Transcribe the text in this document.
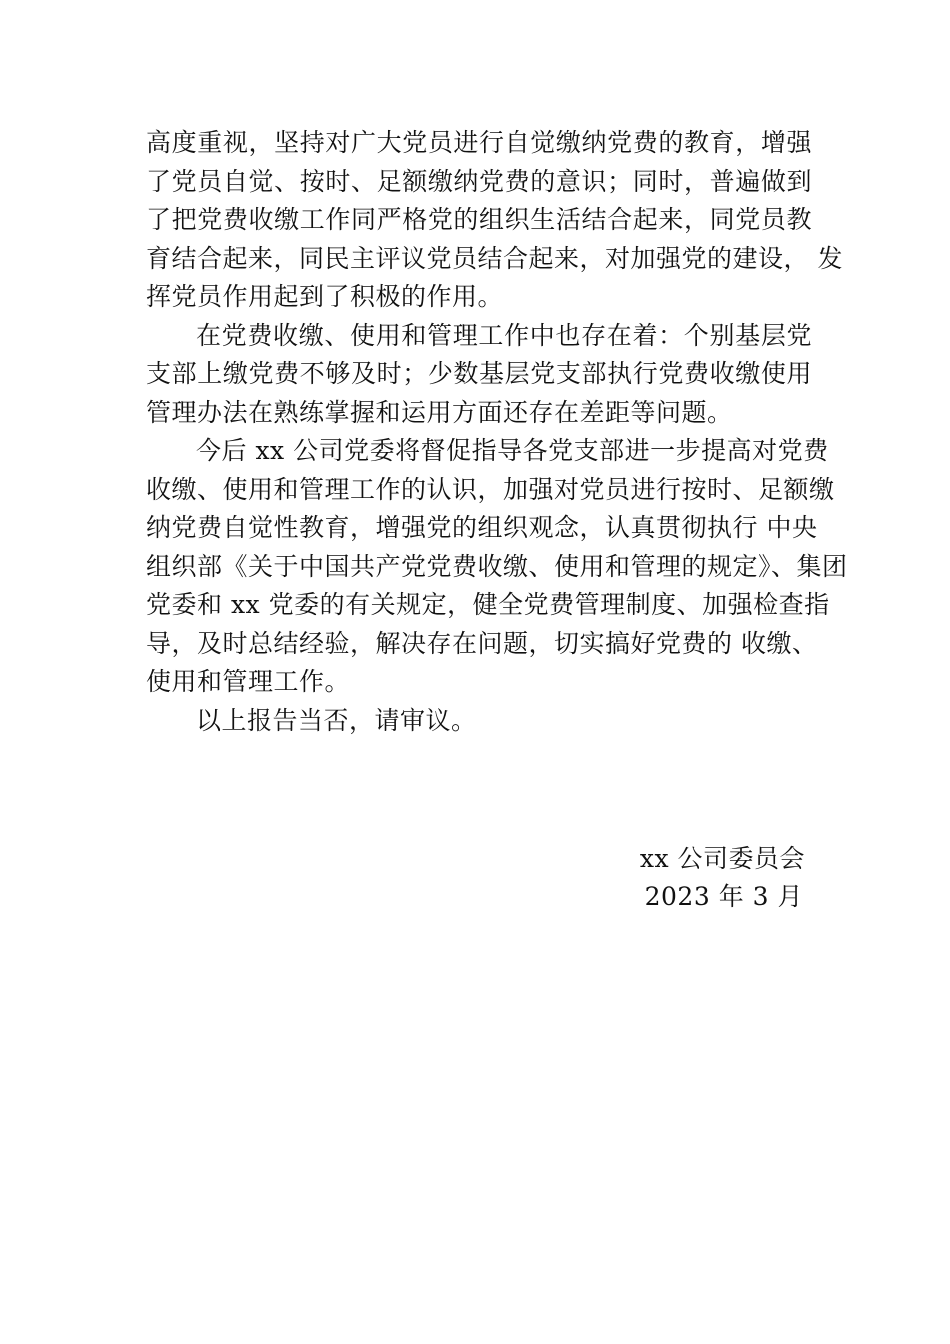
高度重视，坚持对广大党员进行自觉缴纳党费的教育，增强
了党员自觉、按时、足额缴纳党费的意识；同时，普遍做到
了把党费收缴工作同严格党的组织生活结合起来，同党员教
育结合起来，同民主评议党员结合起来，对加强党的建设， 发
挥党员作用起到了积极的作用。
在党费收缴、使用和管理工作中也存在着：个别基层党
支部上缴党费不够及时；少数基层党支部执行党费收缴使用
管理办法在熟练掌握和运用方面还存在差距等问题。
今后 xx 公司党委将督促指导各党支部进一步提高对党费
收缴、使用和管理工作的认识，加强对党员进行按时、足额缴
纳党费自觉性教育，增强党的组织观念，认真贯彻执行 中央
组织部《关于中国共产党党费收缴、使用和管理的规定》、集团
党委和 xx 党委的有关规定，健全党费管理制度、加强检查指
导，及时总结经验，解决存在问题，切实搞好党费的 收缴、
使用和管理工作。
以上报告当否，请审议。
xx 公司委员会
2023 年 3 月
